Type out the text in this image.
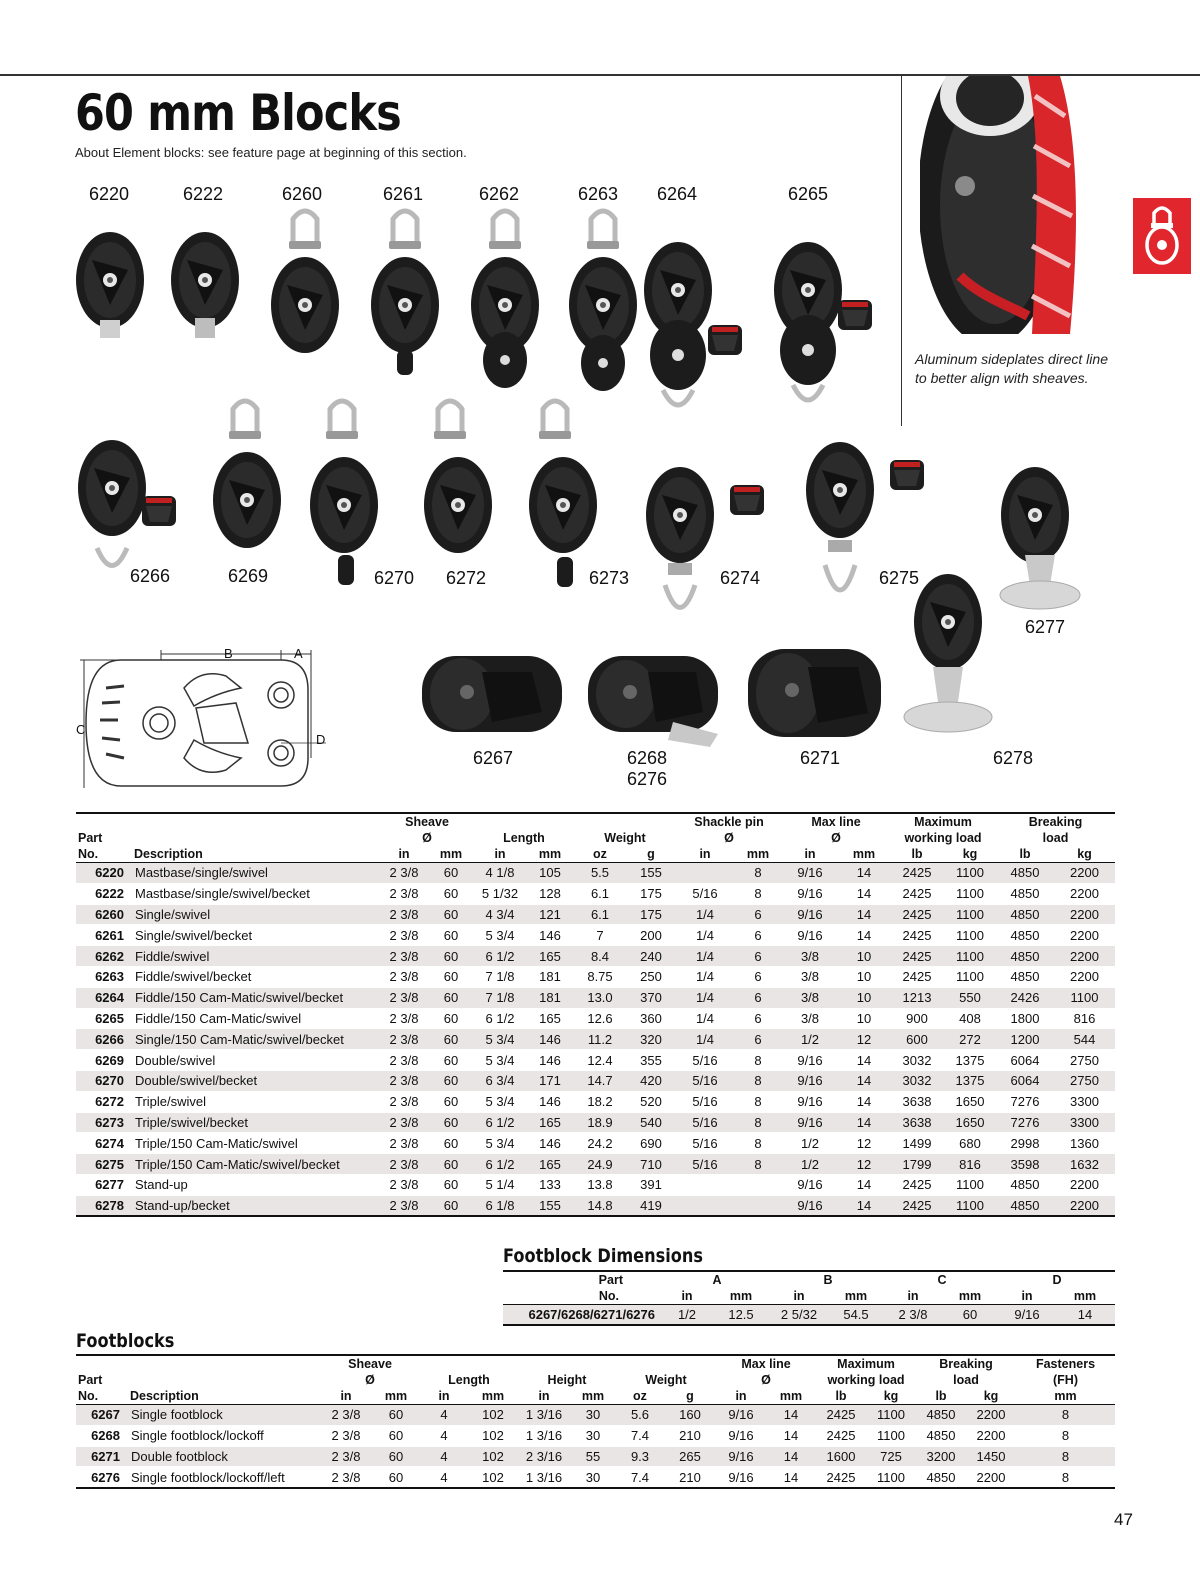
60 mm Blocks
About Element blocks: see feature page at beginning of this section.
Aluminum sideplates direct line to better align with sheaves.
6220	6222	6260	6261	6262	6263 6264	6265
6266	6269	6270 6272	6273	6274	6275
6277
6267	6268
6276
6271	6278
B	A
C
D
		Sheave						Shackle pin		Max line		Maximum		Breaking	
Part		Ø		Length		Weight		Ø		Ø		working load		load	
No.	Description	in	mm	in	mm	oz	g	in	mm	in	mm	lb	kg	lb	kg
6220	Mastbase/single/swivel	2 3/8	60	4 1/8	105	5.5	155		8	9/16	14	2425	1100	4850	2200
6222	Mastbase/single/swivel/becket	2 3/8	60	5 1/32	128	6.1	175	5/16	8	9/16	14	2425	1100	4850	2200
6260	Single/swivel	2 3/8	60	4 3/4	121	6.1	175	1/4	6	9/16	14	2425	1100	4850	2200
6261	Single/swivel/becket	2 3/8	60	5 3/4	146	7	200	1/4	6	9/16	14	2425	1100	4850	2200
6262	Fiddle/swivel	2 3/8	60	6 1/2	165	8.4	240	1/4	6	3/8	10	2425	1100	4850	2200
6263	Fiddle/swivel/becket	2 3/8	60	7 1/8	181	8.75	250	1/4	6	3/8	10	2425	1100	4850	2200
6264	Fiddle/150 Cam-Matic/swivel/becket	2 3/8	60	7 1/8	181	13.0	370	1/4	6	3/8	10	1213	550	2426	1100
6265	Fiddle/150 Cam-Matic/swivel	2 3/8	60	6 1/2	165	12.6	360	1/4	6	3/8	10	900	408	1800	816
6266	Single/150 Cam-Matic/swivel/becket	2 3/8	60	5 3/4	146	11.2	320	1/4	6	1/2	12	600	272	1200	544
6269	Double/swivel	2 3/8	60	5 3/4	146	12.4	355	5/16	8	9/16	14	3032	1375	6064	2750
6270	Double/swivel/becket	2 3/8	60	6 3/4	171	14.7	420	5/16	8	9/16	14	3032	1375	6064	2750
6272	Triple/swivel	2 3/8	60	5 3/4	146	18.2	520	5/16	8	9/16	14	3638	1650	7276	3300
6273	Triple/swivel/becket	2 3/8	60	6 1/2	165	18.9	540	5/16	8	9/16	14	3638	1650	7276	3300
6274	Triple/150 Cam-Matic/swivel	2 3/8	60	5 3/4	146	24.2	690	5/16	8	1/2	12	1499	680	2998	1360
6275	Triple/150 Cam-Matic/swivel/becket	2 3/8	60	6 1/2	165	24.9	710	5/16	8	1/2	12	1799	816	3598	1632
6277	Stand-up	2 3/8	60	5 1/4	133	13.8	391			9/16	14	2425	1100	4850	2200
6278	Stand-up/becket	2 3/8	60	6 1/8	155	14.8	419			9/16	14	2425	1100	4850	2200
Footblock Dimensions
Part	A		B		C		D	
No.	in	mm	in	mm	in	mm	in	mm
6267/6268/6271/6276	1/2	12.5	2 5/32	54.5	2 3/8	60	9/16	14
Footblocks
		Sheave								Max line		Maximum		Breaking		Fasteners
Part		Ø		Length		Height		Weight		Ø		working load		load		(FH)
No.	Description	in	mm	in	mm	in	mm	oz	g	in	mm	lb	kg	lb	kg	mm
6267	Single footblock	2 3/8	60	4	102	1 3/16	30	5.6	160	9/16	14	2425	1100	4850	2200	8
6268	Single footblock/lockoff	2 3/8	60	4	102	1 3/16	30	7.4	210	9/16	14	2425	1100	4850	2200	8
6271	Double footblock	2 3/8	60	4	102	2 3/16	55	9.3	265	9/16	14	1600	725	3200	1450	8
6276	Single footblock/lockoff/left	2 3/8	60	4	102	1 3/16	30	7.4	210	9/16	14	2425	1100	4850	2200	8
47
